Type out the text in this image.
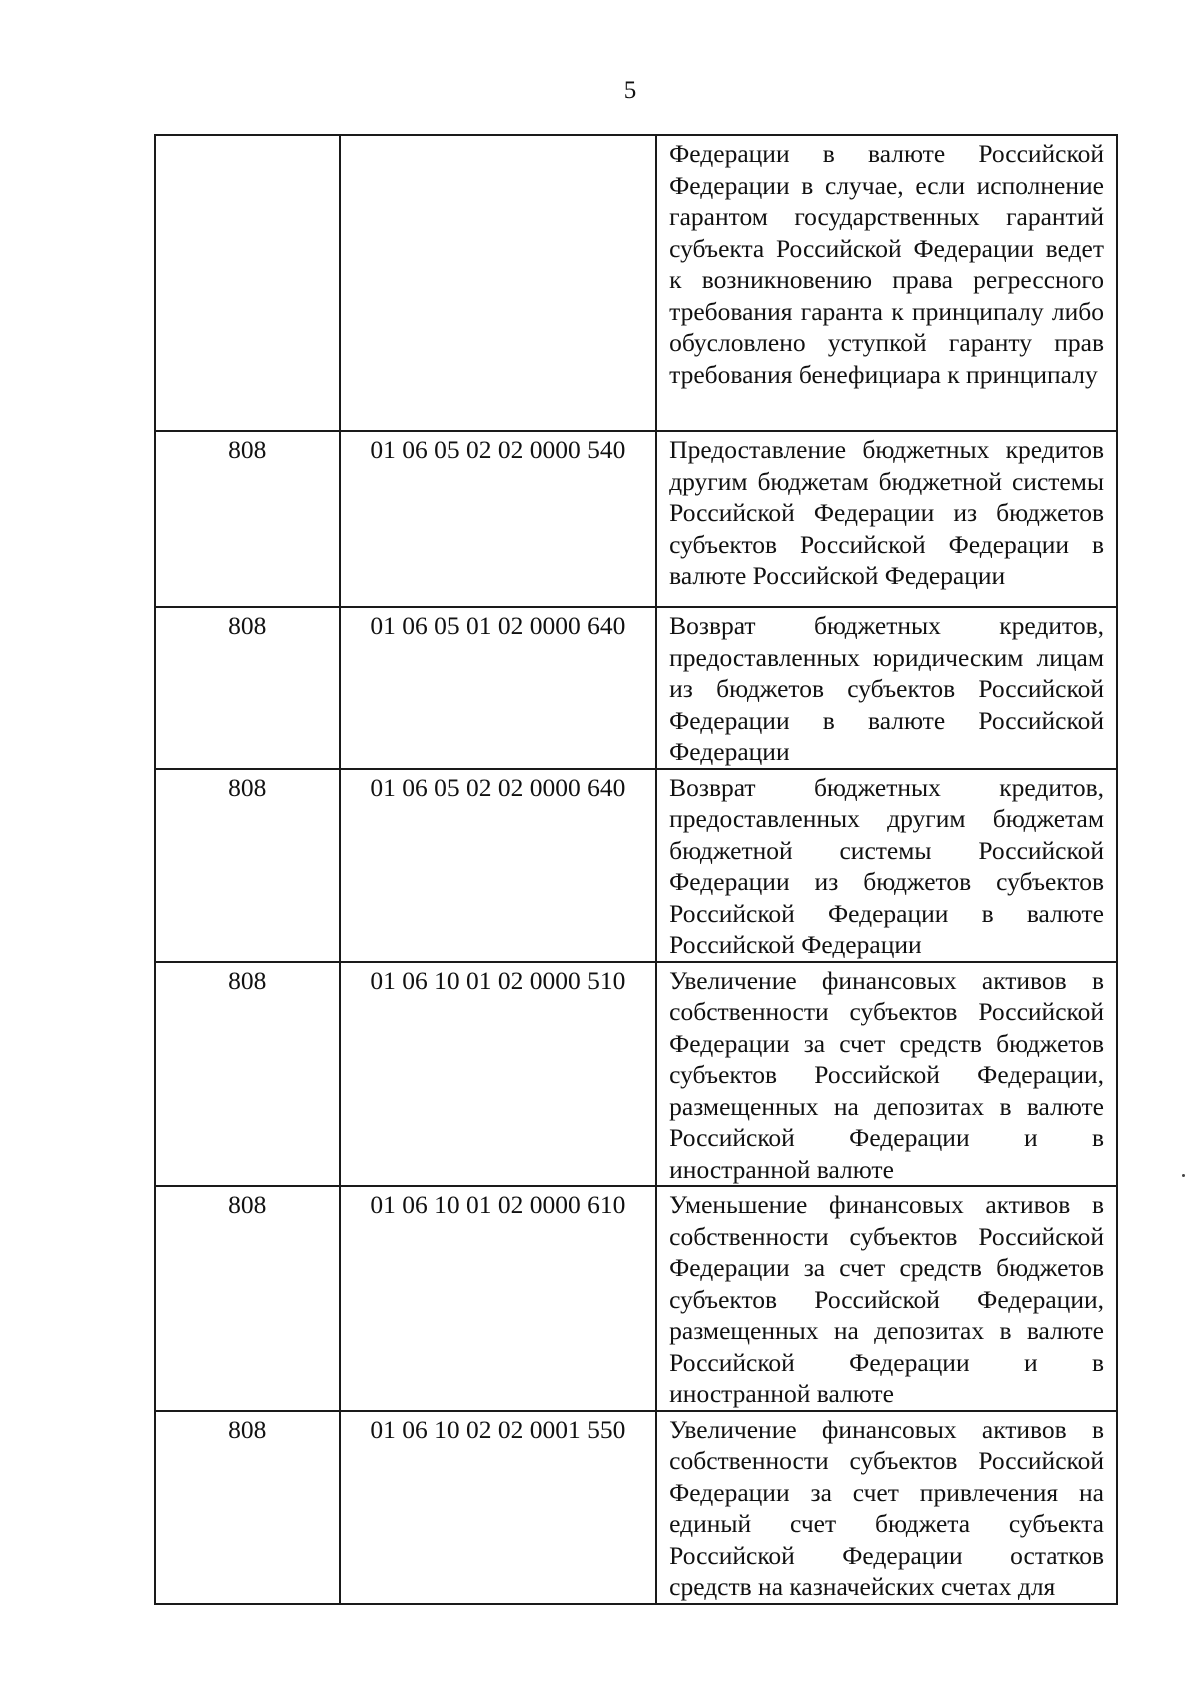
5

		Федерации в валюте Российской Федерации в случае, если исполнение гарантом государственных гарантий субъекта Российской Федерации ведет к возникновению права регрессного требования гаранта к принципалу либо обусловлено уступкой гаранту прав требования бенефициара к принципалу

808	01 06 05 02 02 0000 540	Предоставление бюджетных кредитов другим бюджетам бюджетной системы Российской Федерации из бюджетов субъектов Российской Федерации в валюте Российской Федерации

808	01 06 05 01 02 0000 640	Возврат бюджетных кредитов, предоставленных юридическим лицам из бюджетов субъектов Российской Федерации в валюте Российской Федерации

808	01 06 05 02 02 0000 640	Возврат бюджетных кредитов, предоставленных другим бюджетам бюджетной системы Российской Федерации из бюджетов субъектов Российской Федерации в валюте Российской Федерации

808	01 06 10 01 02 0000 510	Увеличение финансовых активов в собственности субъектов Российской Федерации за счет средств бюджетов субъектов Российской Федерации, размещенных на депозитах в валюте Российской Федерации и в иностранной валюте

808	01 06 10 01 02 0000 610	Уменьшение финансовых активов в собственности субъектов Российской Федерации за счет средств бюджетов субъектов Российской Федерации, размещенных на депозитах в валюте Российской Федерации и в иностранной валюте

808	01 06 10 02 02 0001 550	Увеличение финансовых активов в собственности субъектов Российской Федерации за счет привлечения на единый счет бюджета субъекта Российской Федерации остатков средств на казначейских счетах для
